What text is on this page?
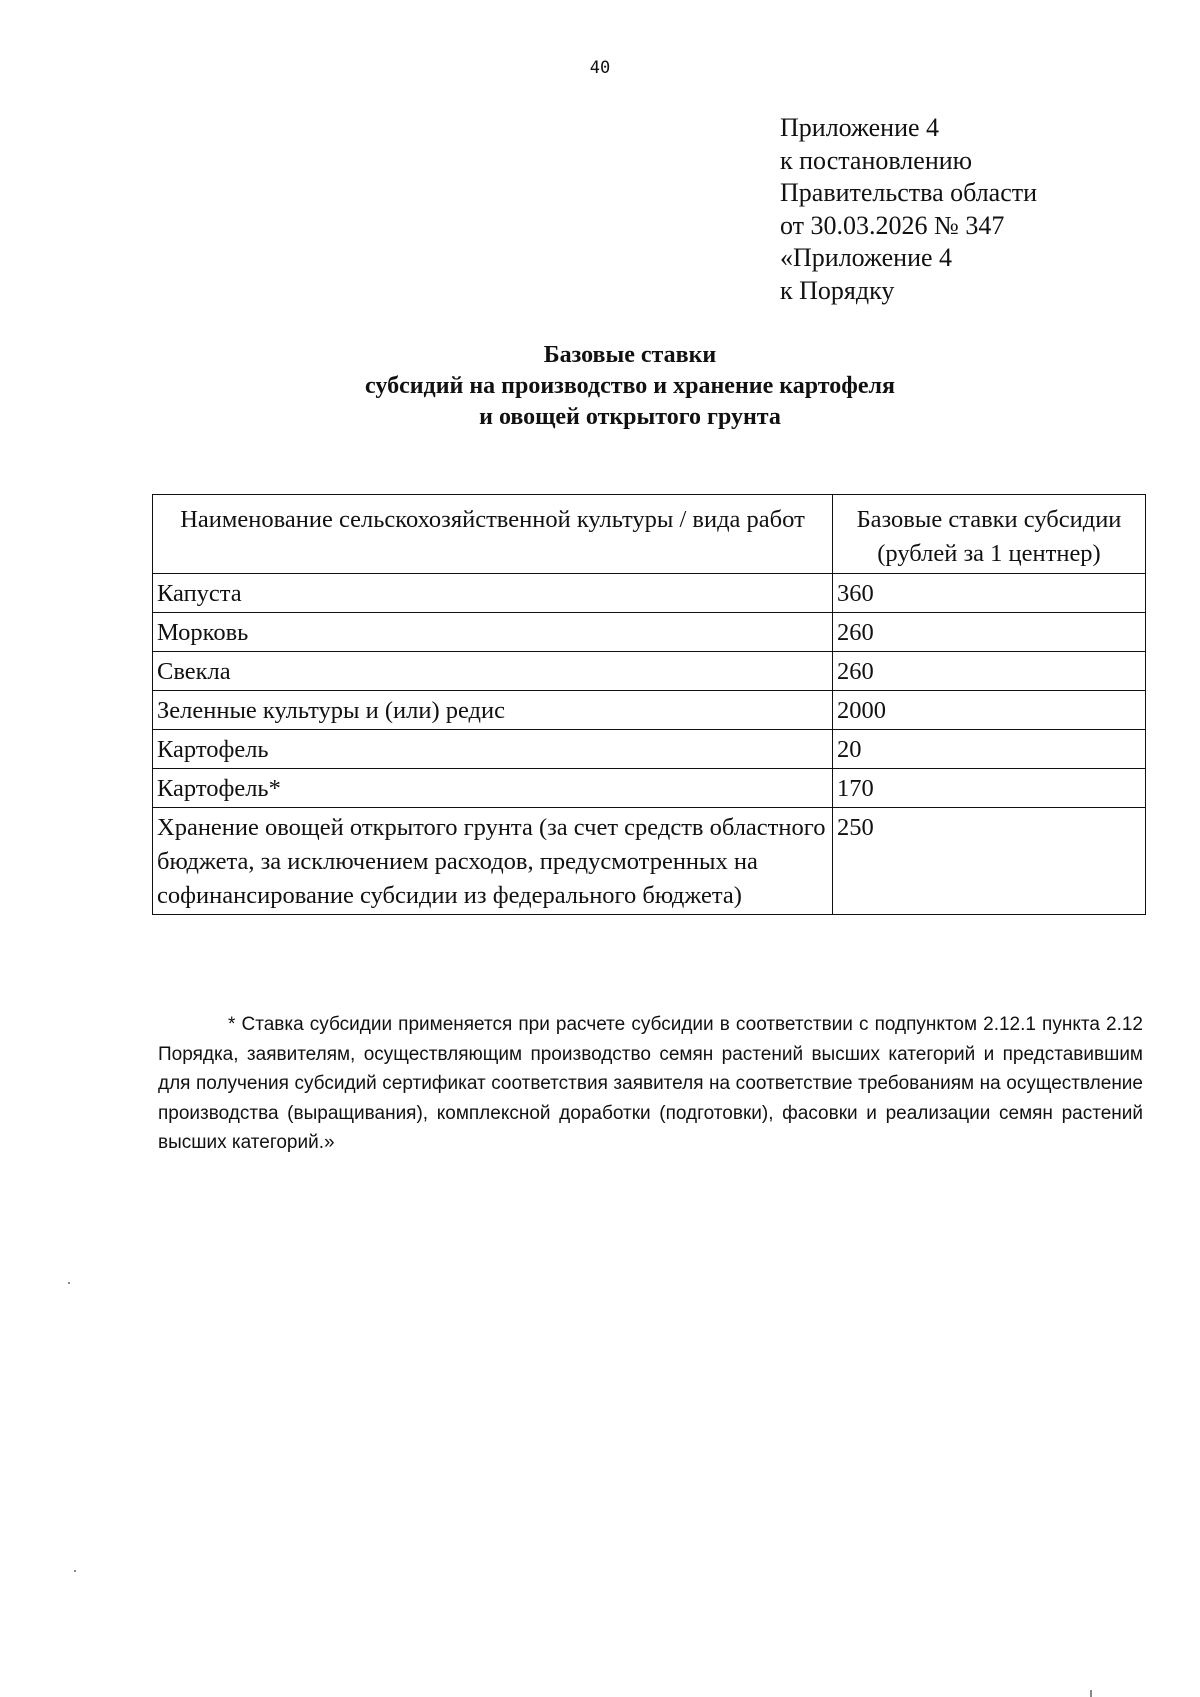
40
Приложение 4
к постановлению
Правительства области
от 30.03.2026 № 347
«Приложение 4
к Порядку
Базовые ставки
субсидий на производство и хранение картофеля
и овощей открытого грунта
Наименование сельскохозяйственной культуры / вида работ	Базовые ставки субсидии (рублей за 1 центнер)
Капуста	360
Морковь	260
Свекла	260
Зеленные культуры и (или) редис	2000
Картофель	20
Картофель*	170
Хранение овощей открытого грунта (за счет средств областного бюджета, за исключением расходов, предусмотренных на софинансирование субсидии из федерального бюджета)	250
* Ставка субсидии применяется при расчете субсидии в соответствии с подпунктом 2.12.1 пункта 2.12 Порядка, заявителям, осуществляющим производство семян растений высших категорий и представившим для получения субсидий сертификат соответствия заявителя на соответствие требованиям на осуществление производства (выращивания), комплексной доработки (подготовки), фасовки и реализации семян растений высших категорий.»
